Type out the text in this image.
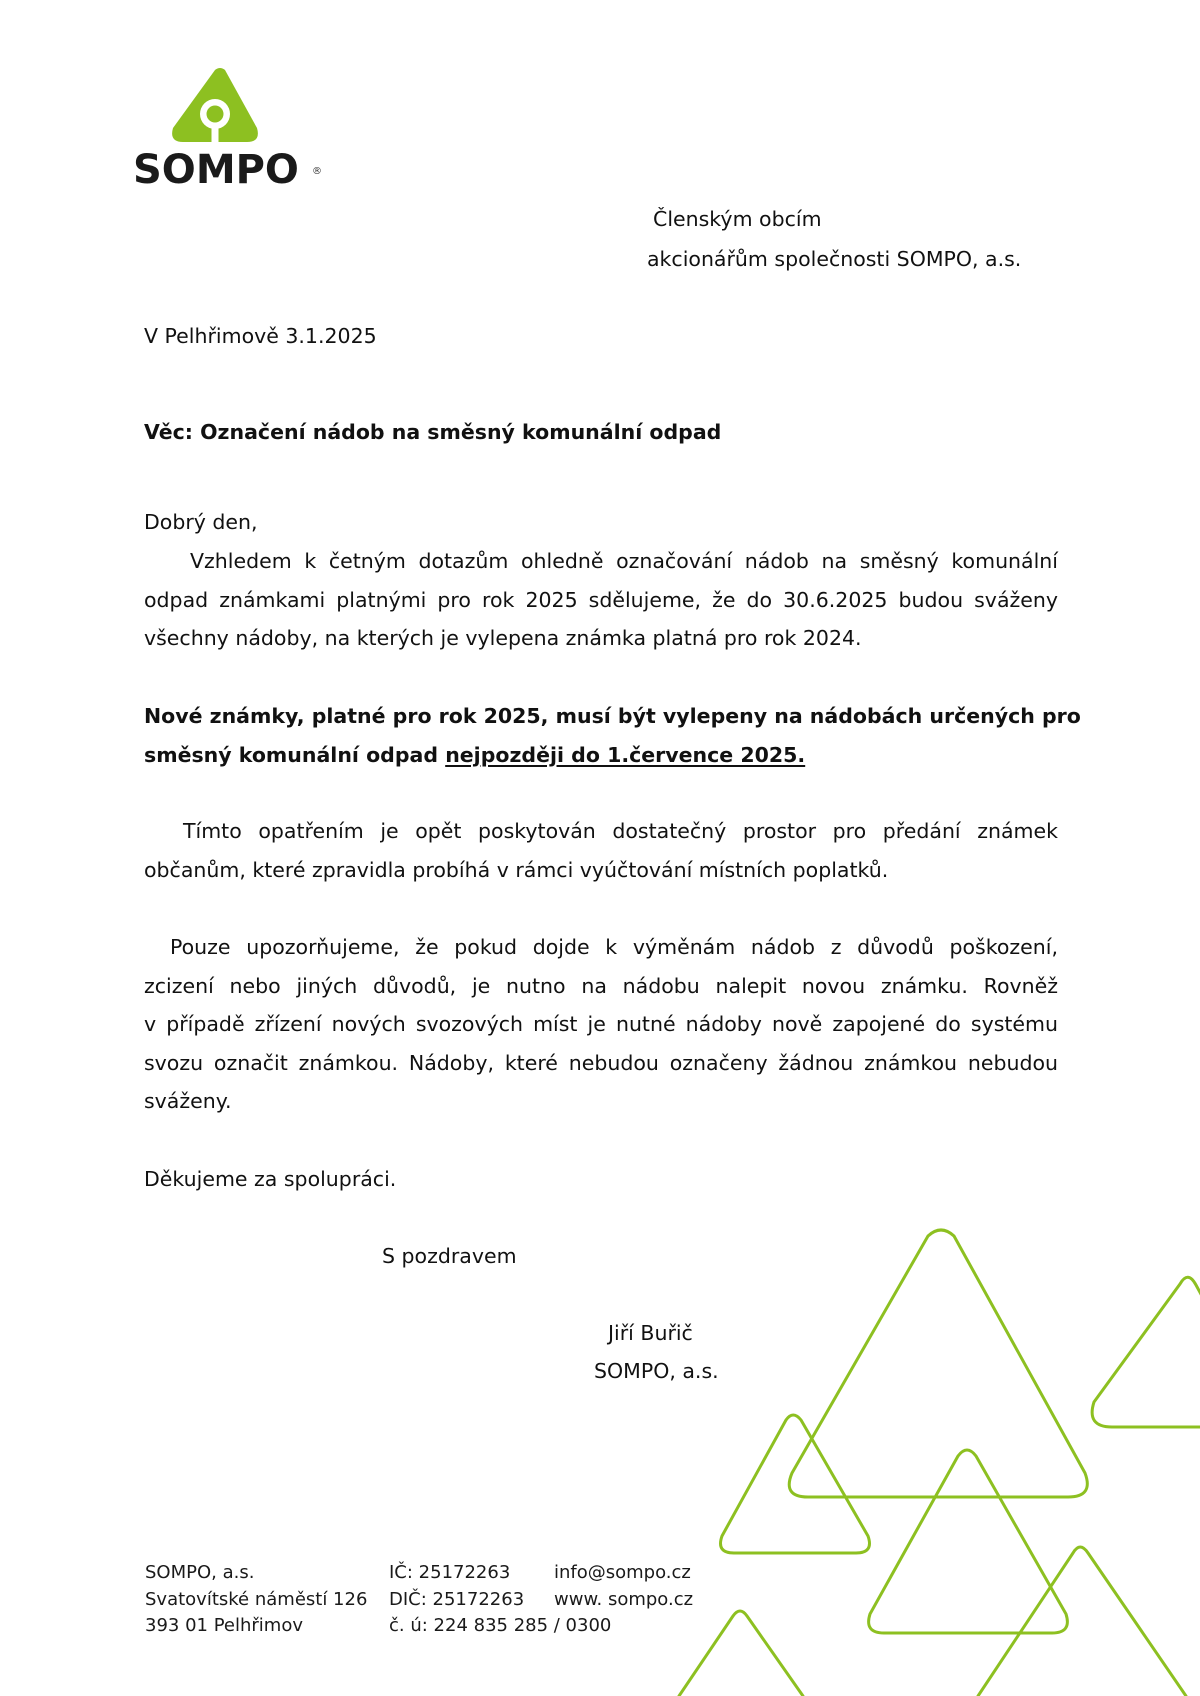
SOMPO ®
Členským obcím
akcionářům společnosti SOMPO, a.s.
V Pelhřimově 3.1.2025
Věc: Označení nádob na směsný komunální odpad
Dobrý den,
Vzhledem k četným dotazům ohledně označování nádob na směsný komunální
odpad známkami platnými pro rok 2025 sdělujeme, že do 30.6.2025 budou sváženy
všechny nádoby, na kterých je vylepena známka platná pro rok 2024.
Nové známky, platné pro rok 2025, musí být vylepeny na nádobách určených pro
směsný komunální odpad nejpozději do 1.července 2025.
Tímto opatřením je opět poskytován dostatečný prostor pro předání známek
občanům, které zpravidla probíhá v rámci vyúčtování místních poplatků.
Pouze upozorňujeme, že pokud dojde k výměnám nádob z důvodů poškození,
zcizení nebo jiných důvodů, je nutno na nádobu nalepit novou známku. Rovněž
v případě zřízení nových svozových míst je nutné nádoby nově zapojené do systému
svozu označit známkou. Nádoby, které nebudou označeny žádnou známkou nebudou
sváženy.
Děkujeme za spolupráci.
S pozdravem
Jiří Buřič
SOMPO, a.s.
SOMPO, a.s.
Svatovítské náměstí 126
393 01 Pelhřimov
IČ: 25172263
DIČ: 25172263
č. ú: 224 835 285 / 0300
info@sompo.cz
www. sompo.cz
